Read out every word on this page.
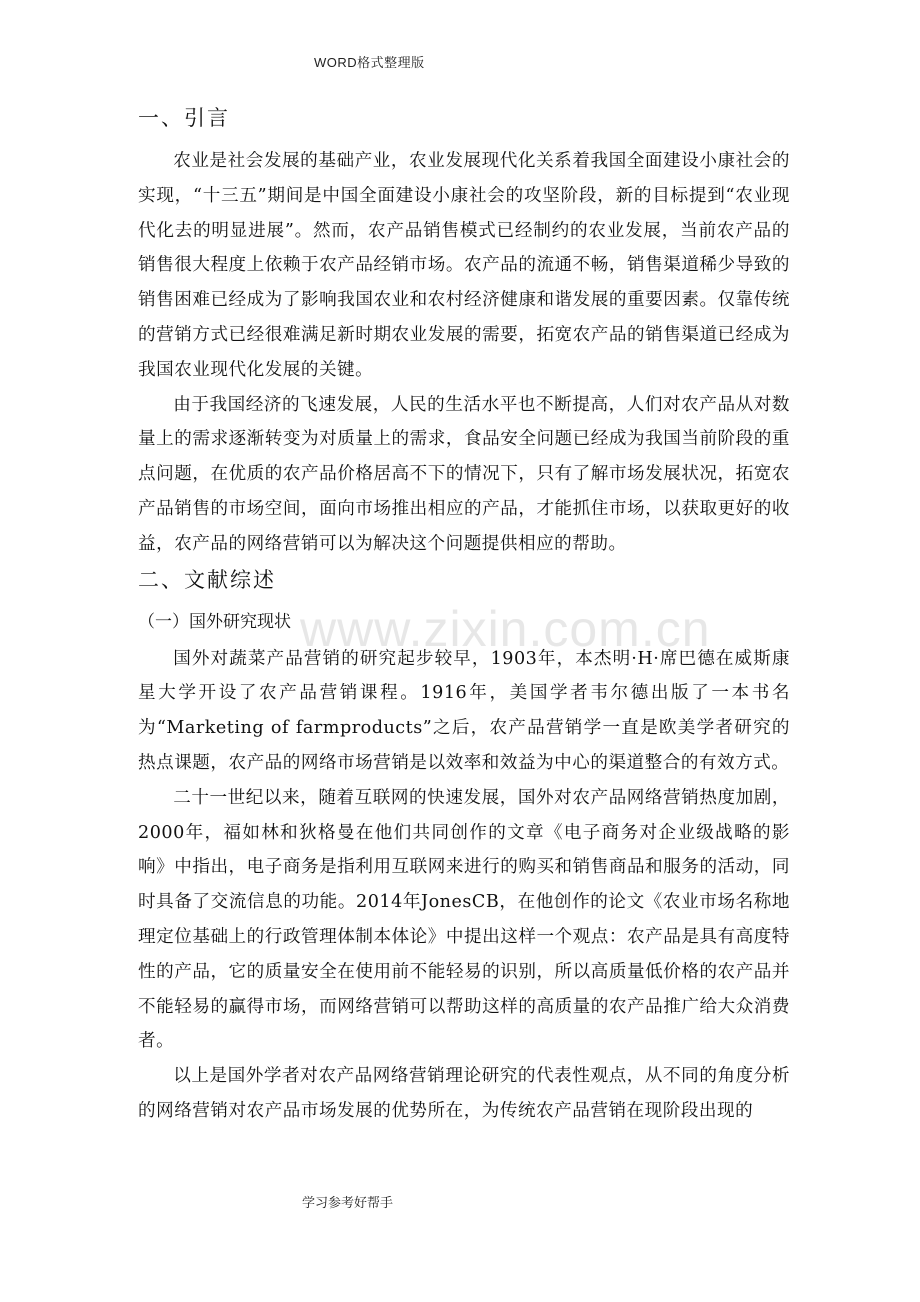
WORD格式整理版
www.zixin.com.cn
一、引言

农业是社会发展的基础产业，农业发展现代化关系着我国全面建设小康社会的实现，“十三五”期间是中国全面建设小康社会的攻坚阶段，新的目标提到“农业现代化去的明显进展”。然而，农产品销售模式已经制约的农业发展，当前农产品的销售很大程度上依赖于农产品经销市场。农产品的流通不畅，销售渠道稀少导致的销售困难已经成为了影响我国农业和农村经济健康和谐发展的重要因素。仅靠传统的营销方式已经很难满足新时期农业发展的需要，拓宽农产品的销售渠道已经成为我国农业现代化发展的关键。

由于我国经济的飞速发展，人民的生活水平也不断提高，人们对农产品从对数量上的需求逐渐转变为对质量上的需求，食品安全问题已经成为我国当前阶段的重点问题，在优质的农产品价格居高不下的情况下，只有了解市场发展状况，拓宽农产品销售的市场空间，面向市场推出相应的产品，才能抓住市场，以获取更好的收益，农产品的网络营销可以为解决这个问题提供相应的帮助。

二、文献综述
（一）国外研究现状

国外对蔬菜产品营销的研究起步较早，1903年，本杰明·H·席巴德在威斯康星大学开设了农产品营销课程。1916年，美国学者韦尔德出版了一本书名为“Marketing of farmproducts”之后，农产品营销学一直是欧美学者研究的热点课题，农产品的网络市场营销是以效率和效益为中心的渠道整合的有效方式。

二十一世纪以来，随着互联网的快速发展，国外对农产品网络营销热度加剧，2000年，福如林和狄格曼在他们共同创作的文章《电子商务对企业级战略的影响》中指出，电子商务是指利用互联网来进行的购买和销售商品和服务的活动，同时具备了交流信息的功能。2014年JonesCB，在他创作的论文《农业市场名称地理定位基础上的行政管理体制本体论》中提出这样一个观点：农产品是具有高度特性的产品，它的质量安全在使用前不能轻易的识别，所以高质量低价格的农产品并不能轻易的赢得市场，而网络营销可以帮助这样的高质量的农产品推广给大众消费者。

以上是国外学者对农产品网络营销理论研究的代表性观点，从不同的角度分析的网络营销对农产品市场发展的优势所在，为传统农产品营销在现阶段出现的

学习参考好帮手
